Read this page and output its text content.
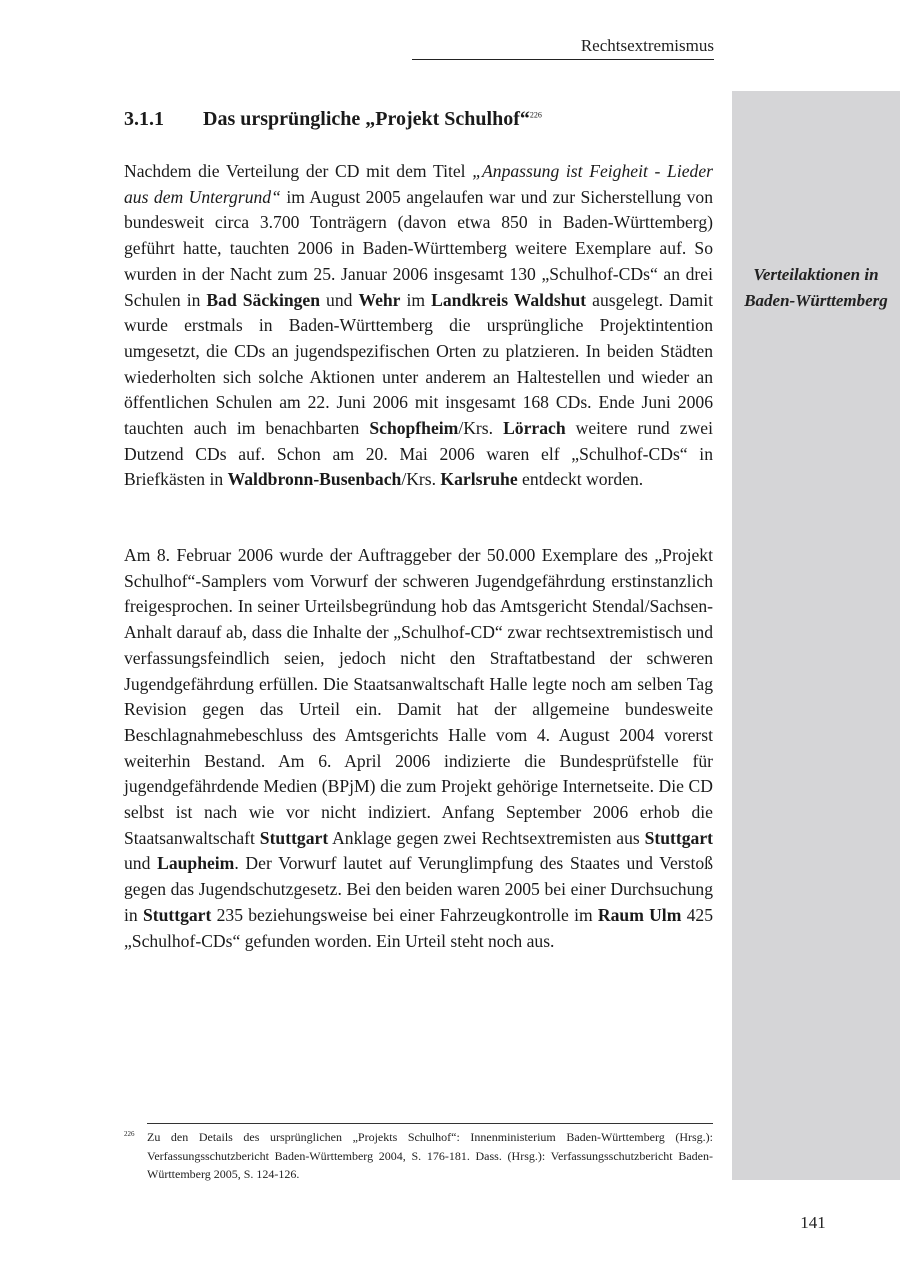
Rechtsextremismus
Verteilaktionen in Baden-Württemberg
3.1.1 Das ursprüngliche „Projekt Schulhof“$^{226}$
Nachdem die Verteilung der CD mit dem Titel „Anpassung ist Feigheit - Lieder aus dem Untergrund“ im August 2005 angelaufen war und zur Sicherstellung von bundesweit circa 3.700 Tonträgern (davon etwa 850 in Baden-Württemberg) geführt hatte, tauchten 2006 in Baden-Württemberg weitere Exemplare auf. So wurden in der Nacht zum 25. Januar 2006 insgesamt 130 „Schulhof-CDs“ an drei Schulen in Bad Säckingen und Wehr im Landkreis Waldshut ausgelegt. Damit wurde erstmals in Baden-Württemberg die ursprüngliche Projektintention umgesetzt, die CDs an jugendspezifischen Orten zu platzieren. In beiden Städten wiederholten sich solche Aktionen unter anderem an Haltestellen und wieder an öffentlichen Schulen am 22. Juni 2006 mit insgesamt 168 CDs. Ende Juni 2006 tauchten auch im benachbarten Schopfheim/Krs. Lörrach weitere rund zwei Dutzend CDs auf. Schon am 20. Mai 2006 waren elf „Schulhof-CDs“ in Briefkästen in Waldbronn-Busenbach/Krs. Karlsruhe entdeckt worden.
Am 8. Februar 2006 wurde der Auftraggeber der 50.000 Exemplare des „Projekt Schulhof“-Samplers vom Vorwurf der schweren Jugendgefährdung erstinstanzlich freigesprochen. In seiner Urteilsbegründung hob das Amtsgericht Stendal/Sachsen-Anhalt darauf ab, dass die Inhalte der „Schulhof-CD“ zwar rechtsextremistisch und verfassungsfeindlich seien, jedoch nicht den Straftatbestand der schweren Jugendgefährdung erfüllen. Die Staatsanwaltschaft Halle legte noch am selben Tag Revision gegen das Urteil ein. Damit hat der allgemeine bundesweite Beschlagnahmebeschluss des Amtsgerichts Halle vom 4. August 2004 vorerst weiterhin Bestand. Am 6. April 2006 indizierte die Bundesprüfstelle für jugendgefährdende Medien (BPjM) die zum Projekt gehörige Internetseite. Die CD selbst ist nach wie vor nicht indiziert. Anfang September 2006 erhob die Staatsanwaltschaft Stuttgart Anklage gegen zwei Rechtsextremisten aus Stuttgart und Laupheim. Der Vorwurf lautet auf Verunglimpfung des Staates und Verstoß gegen das Jugendschutzgesetz. Bei den beiden waren 2005 bei einer Durchsuchung in Stuttgart 235 beziehungsweise bei einer Fahrzeugkontrolle im Raum Ulm 425 „Schulhof-CDs“ gefunden worden. Ein Urteil steht noch aus.
226 Zu den Details des ursprünglichen „Projekts Schulhof“: Innenministerium Baden-Württemberg (Hrsg.): Verfassungsschutzbericht Baden-Württemberg 2004, S. 176-181. Dass. (Hrsg.): Verfassungsschutzbericht Baden-Württemberg 2005, S. 124-126.
141
